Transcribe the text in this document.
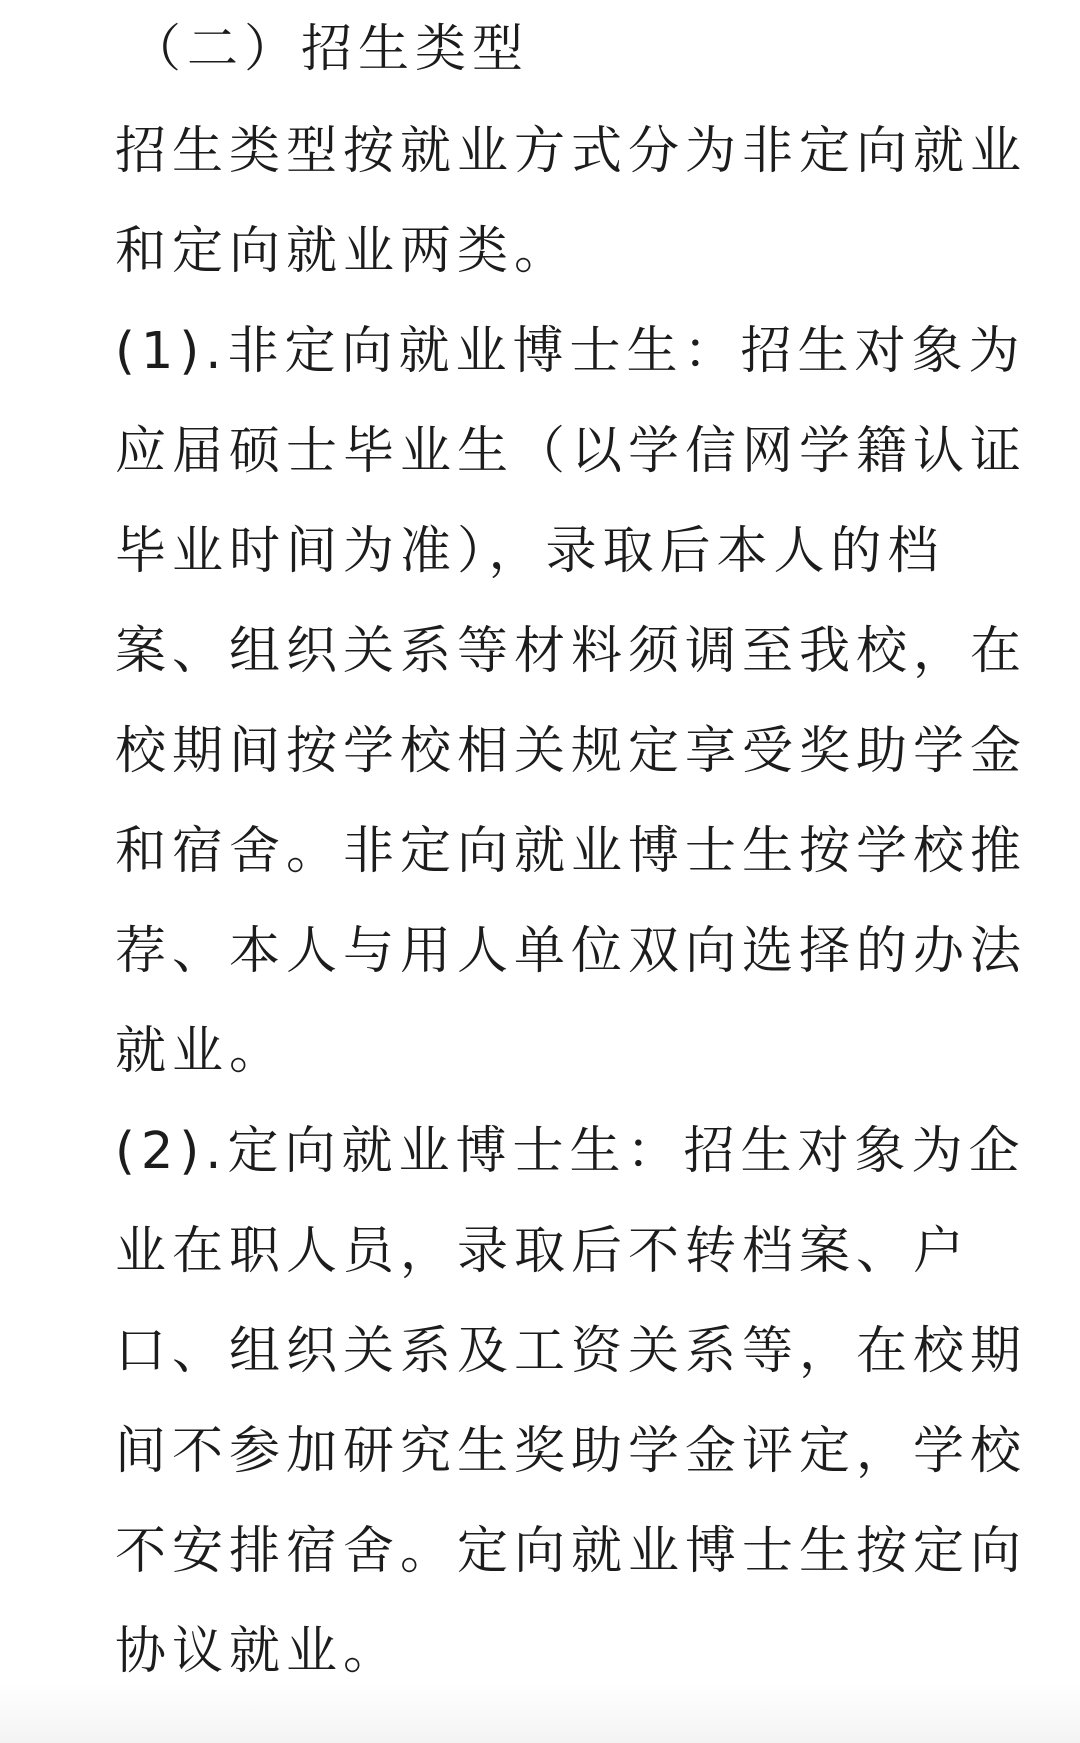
（二）招生类型
招生类型按就业方式分为非定向就业
和定向就业两类。
(1).非定向就业博士生：招生对象为
应届硕士毕业生（以学信网学籍认证
毕业时间为准），录取后本人的档
案、组织关系等材料须调至我校，在
校期间按学校相关规定享受奖助学金
和宿舍。非定向就业博士生按学校推
荐、本人与用人单位双向选择的办法
就业。
(2).定向就业博士生：招生对象为企
业在职人员，录取后不转档案、户
口、组织关系及工资关系等，在校期
间不参加研究生奖助学金评定，学校
不安排宿舍。定向就业博士生按定向
协议就业。
